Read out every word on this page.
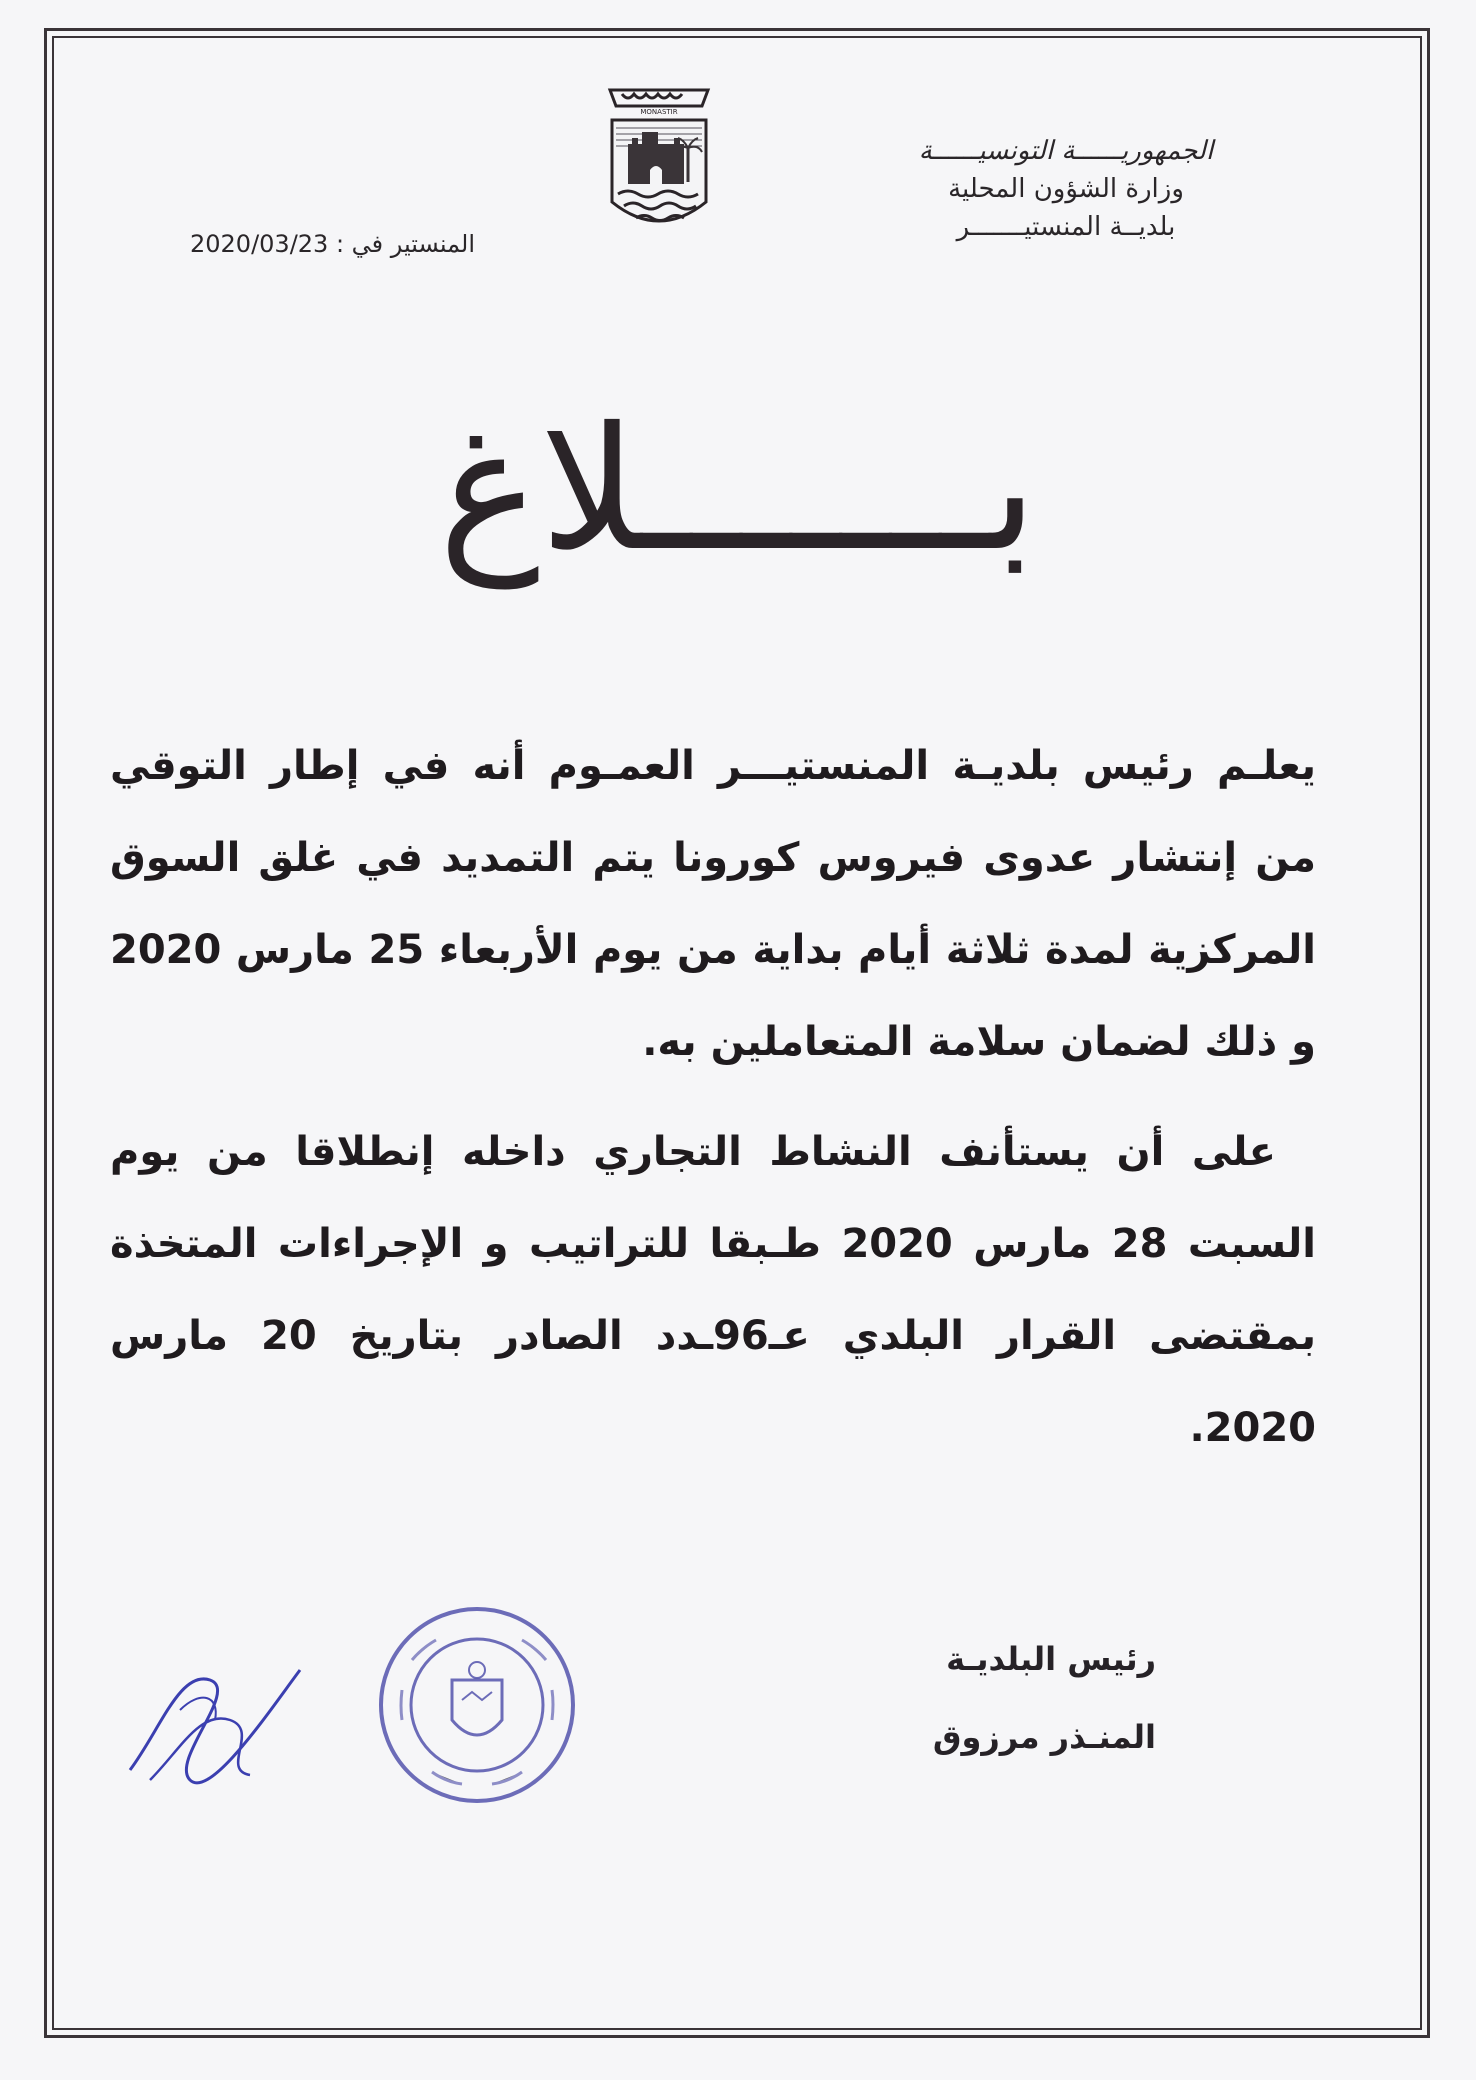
الجمهوريــــــة التونسيــــــة
وزارة الشؤون المحلية
بلديــة المنستيـــــــر
MONASTIR
المنستير في : 2020/03/23
بـــــــلاغ

يعلـم رئيس بلديـة المنستيـــر العمـوم أنه في إطار التوقي من إنتشار عدوى فيروس كورونا يتم التمديد في غلق السوق المركزية لمدة ثلاثة أيام بداية من يوم الأربعاء 25 مارس 2020 و ذلك لضمان سلامة المتعاملين به.

على أن يستأنف النشاط التجاري داخله إنطلاقا من يوم السبت 28 مارس 2020 طـبقا للتراتيب و الإجراءات المتخذة بمقتضى القرار البلدي عـ96ـدد الصادر بتاريخ 20 مارس 2020.

رئيس البلديـة
المنـذر مرزوق
